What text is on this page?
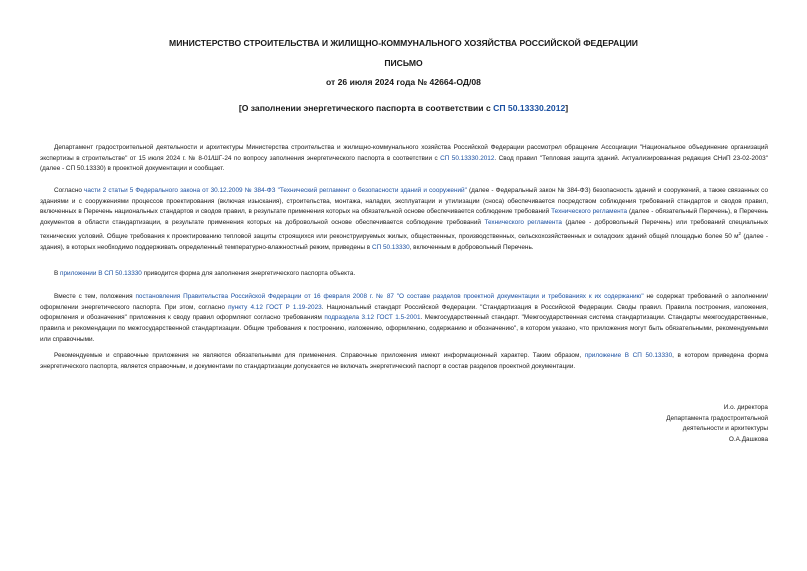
МИНИСТЕРСТВО СТРОИТЕЛЬСТВА И ЖИЛИЩНО-КОММУНАЛЬНОГО ХОЗЯЙСТВА РОССИЙСКОЙ ФЕДЕРАЦИИ
ПИСЬМО
от 26 июля 2024 года № 42664-ОД/08
[О заполнении энергетического паспорта в соответствии с СП 50.13330.2012]

Департамент градостроительной деятельности и архитектуры Министерства строительства и жилищно-коммунального хозяйства Российской Федерации рассмотрел обращение Ассоциации "Национальное объединение организаций экспертизы в строительстве" от 15 июля 2024 г. № 8-01/ШГ-24 по вопросу заполнения энергетического паспорта в соответствии с СП 50.13330.2012. Свод правил "Тепловая защита зданий. Актуализированная редакция СНиП 23-02-2003" (далее - СП 50.13330) в проектной документации и сообщает.

Согласно части 2 статьи 5 Федерального закона от 30.12.2009 № 384-ФЗ "Технический регламент о безопасности зданий и сооружений" (далее - Федеральный закон № 384-ФЗ) безопасность зданий и сооружений, а также связанных со зданиями и с сооружениями процессов проектирования (включая изыскания), строительства, монтажа, наладки, эксплуатации и утилизации (сноса) обеспечивается посредством соблюдения требований стандартов и сводов правил, включенных в Перечень национальных стандартов и сводов правил, в результате применения которых на обязательной основе обеспечивается соблюдение требований Технического регламента (далее - обязательный Перечень), в Перечень документов в области стандартизации, в результате применения которых на добровольной основе обеспечивается соблюдение требований Технического регламента (далее - добровольный Перечень) или требований специальных технических условий. Общие требования к проектированию тепловой защиты строящихся или реконструируемых жилых, общественных, производственных, сельскохозяйственных и складских зданий общей площадью более 50 $м^2$ (далее - здания), в которых необходимо поддерживать определенный температурно-влажностный режим, приведены в СП 50.13330, включенным в добровольный Перечень.

В приложении В СП 50.13330 приводится форма для заполнения энергетического паспорта объекта.

Вместе с тем, положения постановления Правительства Российской Федерации от 16 февраля 2008 г. № 87 "О составе разделов проектной документации и требованиях к их содержанию" не содержат требований о заполнении/оформлении энергетического паспорта. При этом, согласно пункту 4.12 ГОСТ Р 1.19-2023. Национальный стандарт Российской Федерации. "Стандартизация в Российской Федерации. Своды правил. Правила построения, изложения, оформления и обозначения" приложения к своду правил оформляют согласно требованиям подраздела 3.12 ГОСТ 1.5-2001. Межгосударственный стандарт. "Межгосударственная система стандартизации. Стандарты межгосударственные, правила и рекомендации по межгосударственной стандартизации. Общие требования к построению, изложению, оформлению, содержанию и обозначению", в котором указано, что приложения могут быть обязательными, рекомендуемыми или справочными.

Рекомендуемые и справочные приложения не являются обязательными для применения. Справочные приложения имеют информационный характер. Таким образом, приложение В СП 50.13330, в котором приведена форма энергетического паспорта, является справочным, и документами по стандартизации допускается не включать энергетический паспорт в состав разделов проектной документации.

И.о. директора
Департамента градостроительной
деятельности и архитектуры
О.А.Дашкова
